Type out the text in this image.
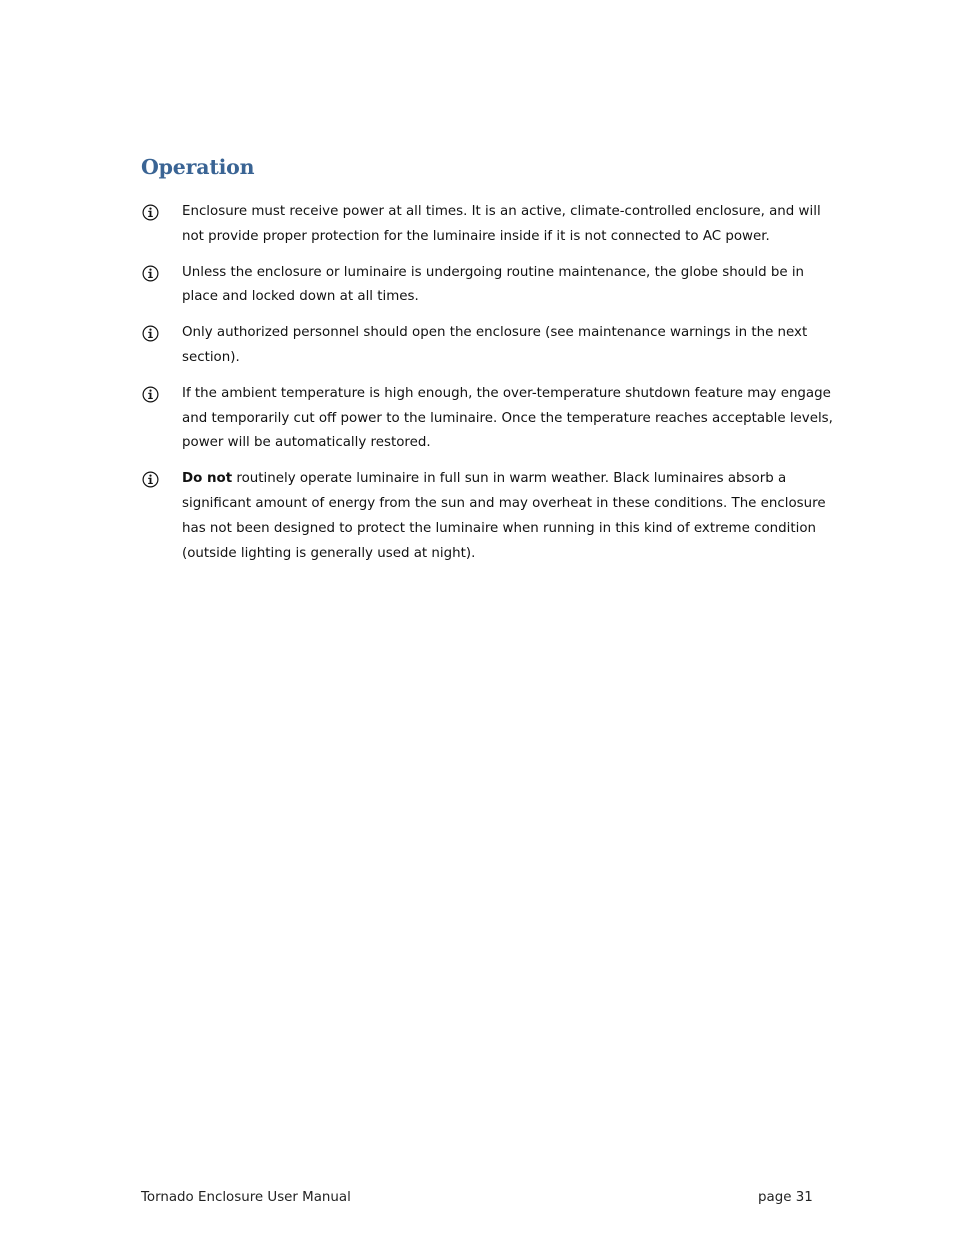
Operation
Enclosure must receive power at all times. It is an active, climate-controlled enclosure, and will not provide proper protection for the luminaire inside if it is not connected to AC power.
Unless the enclosure or luminaire is undergoing routine maintenance, the globe should be in place and locked down at all times.
Only authorized personnel should open the enclosure (see maintenance warnings in the next section).
If the ambient temperature is high enough, the over-temperature shutdown feature may engage and temporarily cut off power to the luminaire. Once the temperature reaches acceptable levels, power will be automatically restored.
Do not routinely operate luminaire in full sun in warm weather. Black luminaires absorb a significant amount of energy from the sun and may overheat in these conditions. The enclosure has not been designed to protect the luminaire when running in this kind of extreme condition (outside lighting is generally used at night).
Tornado Enclosure User Manual	page 31
